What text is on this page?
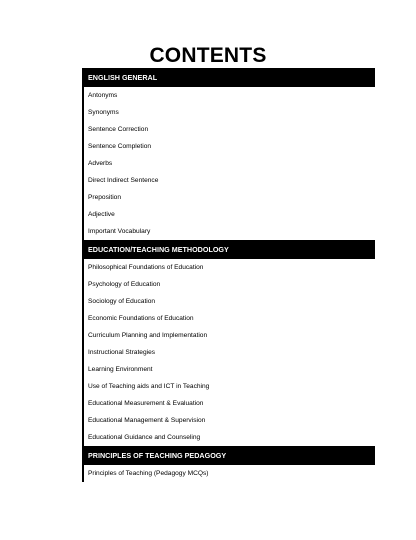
CONTENTS
ENGLISH GENERAL
Antonyms
Synonyms
Sentence Correction
Sentence Completion
Adverbs
Direct Indirect Sentence
Preposition
Adjective
Important Vocabulary
EDUCATION/TEACHING METHODOLOGY
Philosophical Foundations of Education
Psychology of Education
Sociology of Education
Economic Foundations of Education
Curriculum Planning and Implementation
Instructional Strategies
Learning Environment
Use of Teaching aids and ICT in Teaching
Educational Measurement & Evaluation
Educational Management & Supervision
Educational Guidance and Counseling
PRINCIPLES OF TEACHING PEDAGOGY
Principles of Teaching (Pedagogy MCQs)
